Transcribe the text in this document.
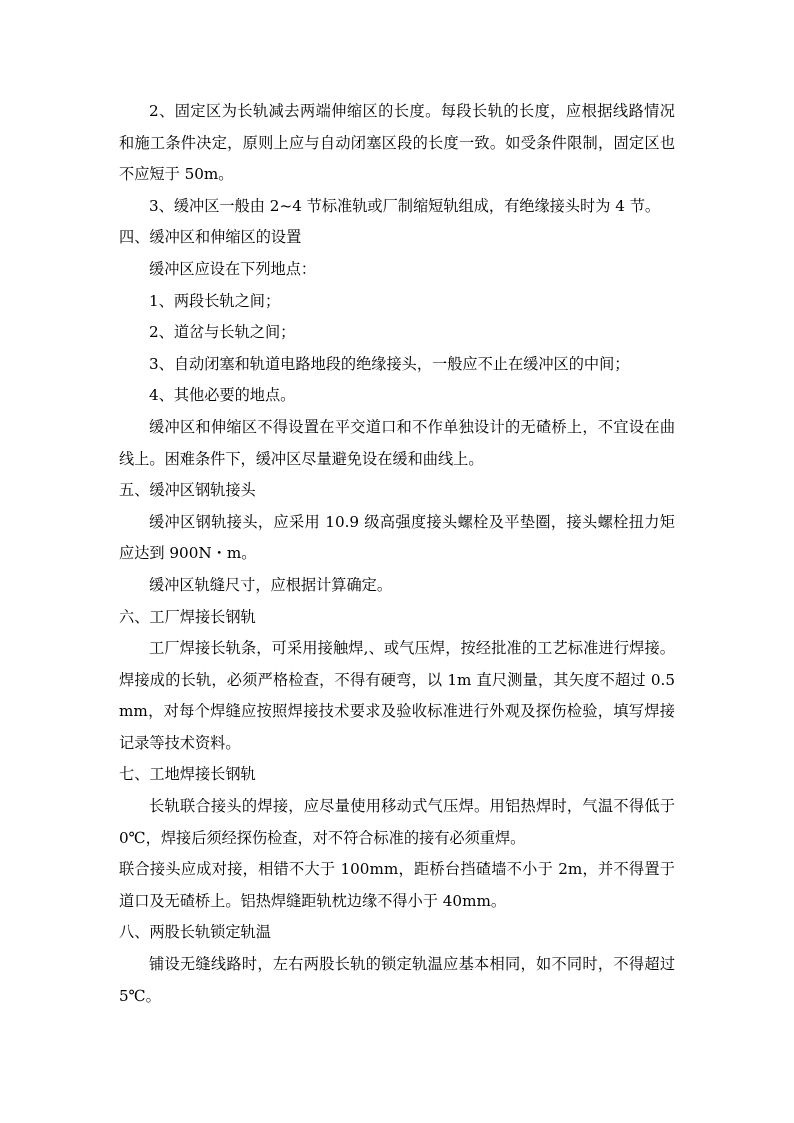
2、固定区为长轨减去两端伸缩区的长度。每段长轨的长度，应根据线路情况和施工条件决定，原则上应与自动闭塞区段的长度一致。如受条件限制，固定区也不应短于 50m。

3、缓冲区一般由 2~4 节标准轨或厂制缩短轨组成，有绝缘接头时为 4 节。

四、缓冲区和伸缩区的设置

缓冲区应设在下列地点：

1、两段长轨之间；

2、道岔与长轨之间；

3、自动闭塞和轨道电路地段的绝缘接头，一般应不止在缓冲区的中间；

4、其他必要的地点。

缓冲区和伸缩区不得设置在平交道口和不作单独设计的无碴桥上，不宜设在曲线上。困难条件下，缓冲区尽量避免设在缓和曲线上。

五、缓冲区钢轨接头

缓冲区钢轨接头，应采用 10.9 级高强度接头螺栓及平垫圈，接头螺栓扭力矩应达到 900N・m。

缓冲区轨缝尺寸，应根据计算确定。

六、工厂焊接长钢轨

工厂焊接长轨条，可采用接触焊,、或气压焊，按经批准的工艺标准进行焊接。焊接成的长轨，必须严格检查，不得有硬弯，以 1m 直尺测量，其矢度不超过 0.5mm，对每个焊缝应按照焊接技术要求及验收标准进行外观及探伤检验，填写焊接记录等技术资料。

七、工地焊接长钢轨

长轨联合接头的焊接，应尽量使用移动式气压焊。用铝热焊时，气温不得低于 0℃，焊接后须经探伤检查，对不符合标准的接有必须重焊。

联合接头应成对接，相错不大于 100mm，距桥台挡碴墙不小于 2m，并不得置于道口及无碴桥上。铝热焊缝距轨枕边缘不得小于 40mm。

八、两股长轨锁定轨温

铺设无缝线路时，左右两股长轨的锁定轨温应基本相同，如不同时，不得超过 5℃。
